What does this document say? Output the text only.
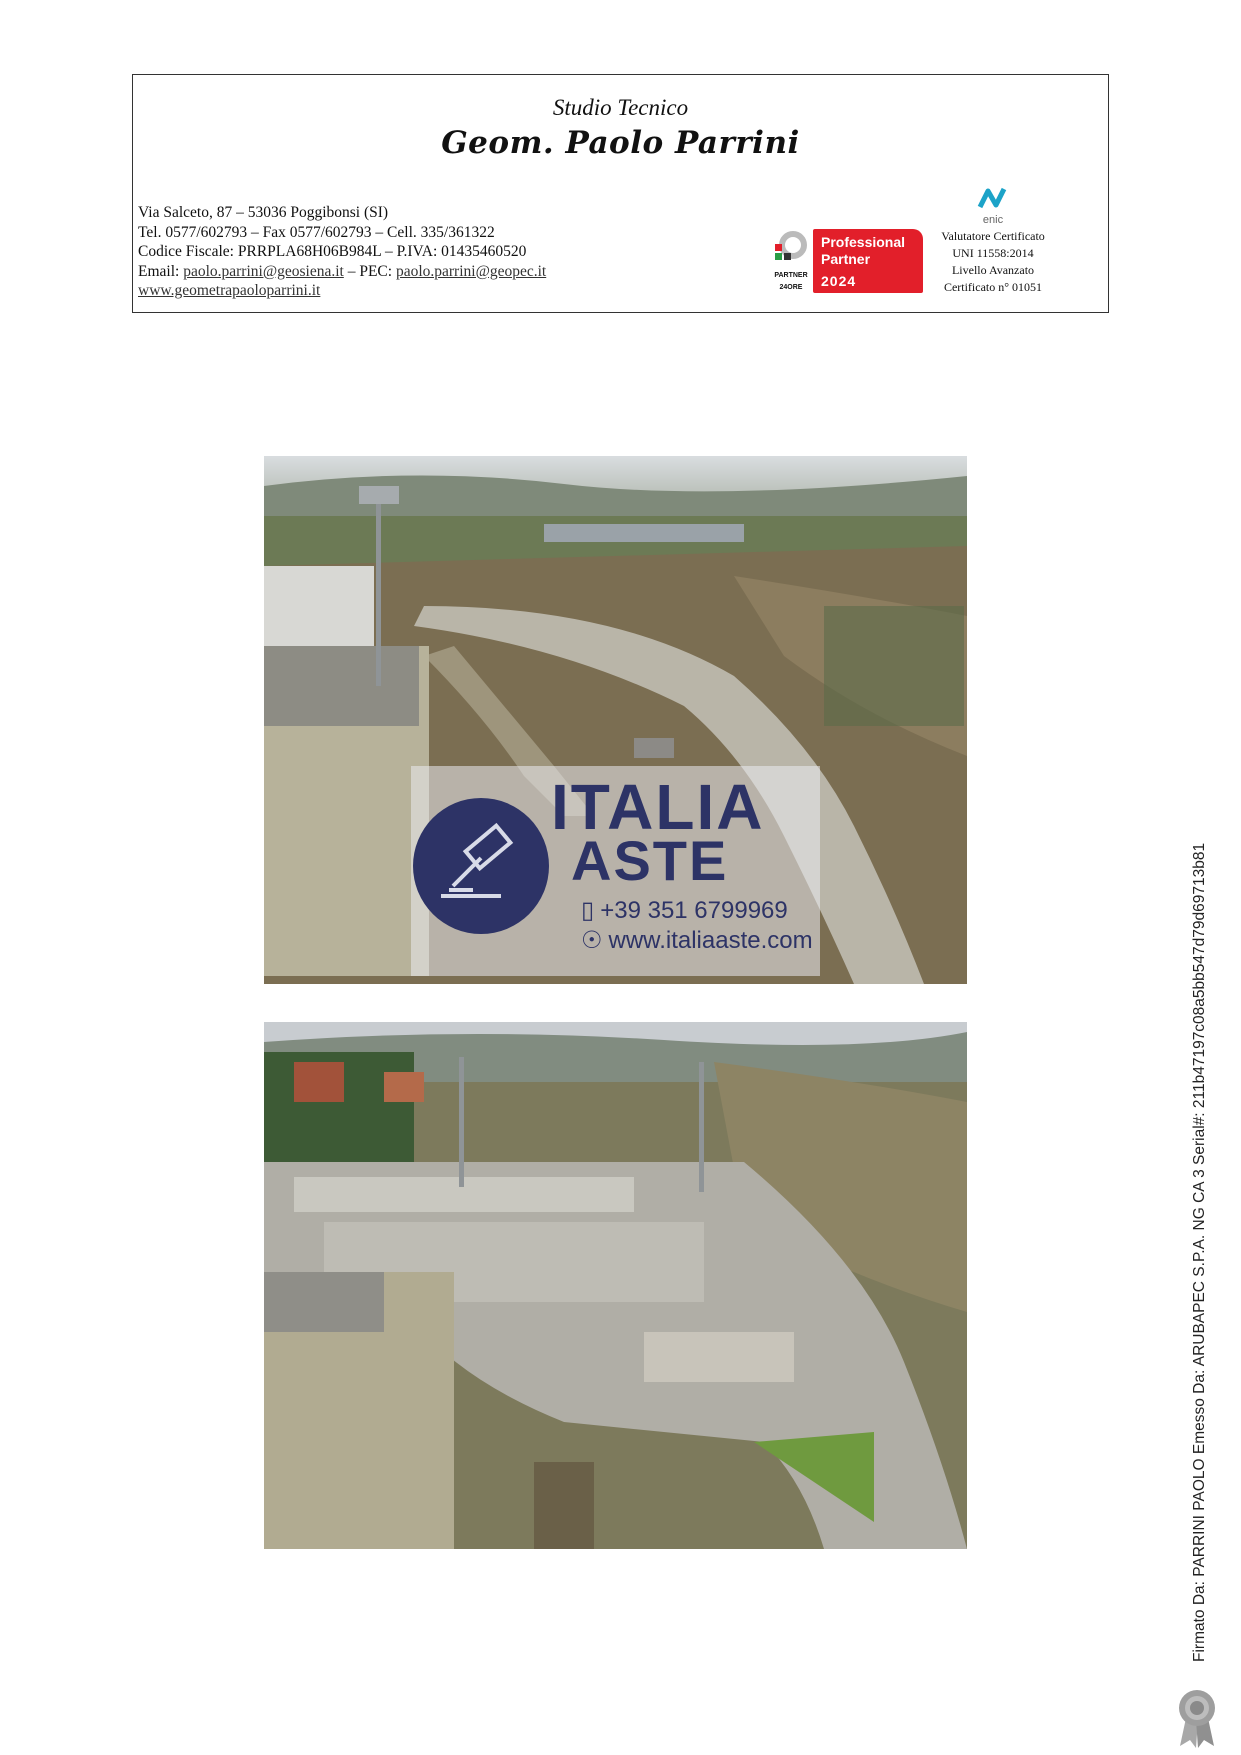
Studio Tecnico
Geom. Paolo Parrini
Via Salceto, 87 – 53036 Poggibonsi (SI)
Tel. 0577/602793 – Fax 0577/602793 – Cell. 335/361322
Codice Fiscale: PRRPLA68H06B984L – P.IVA: 01435460520
Email: paolo.parrini@geosiena.it – PEC: paolo.parrini@geopec.it
www.geometrapaoloparrini.it
PARTNER
24ORE
Professional
Partner
2024
enic
Valutatore Certificato
UNI 11558:2014
Livello Avanzato
Certificato n° 01051
ITALIA
ASTE
▯ +39 351 6799969
☉ www.italiaaste.com	Firmato Da: PARRINI PAOLO Emesso Da: ARUBAPEC S.P.A. NG CA 3 Serial#: 211b47197c08a5bb547d79d69713b81
